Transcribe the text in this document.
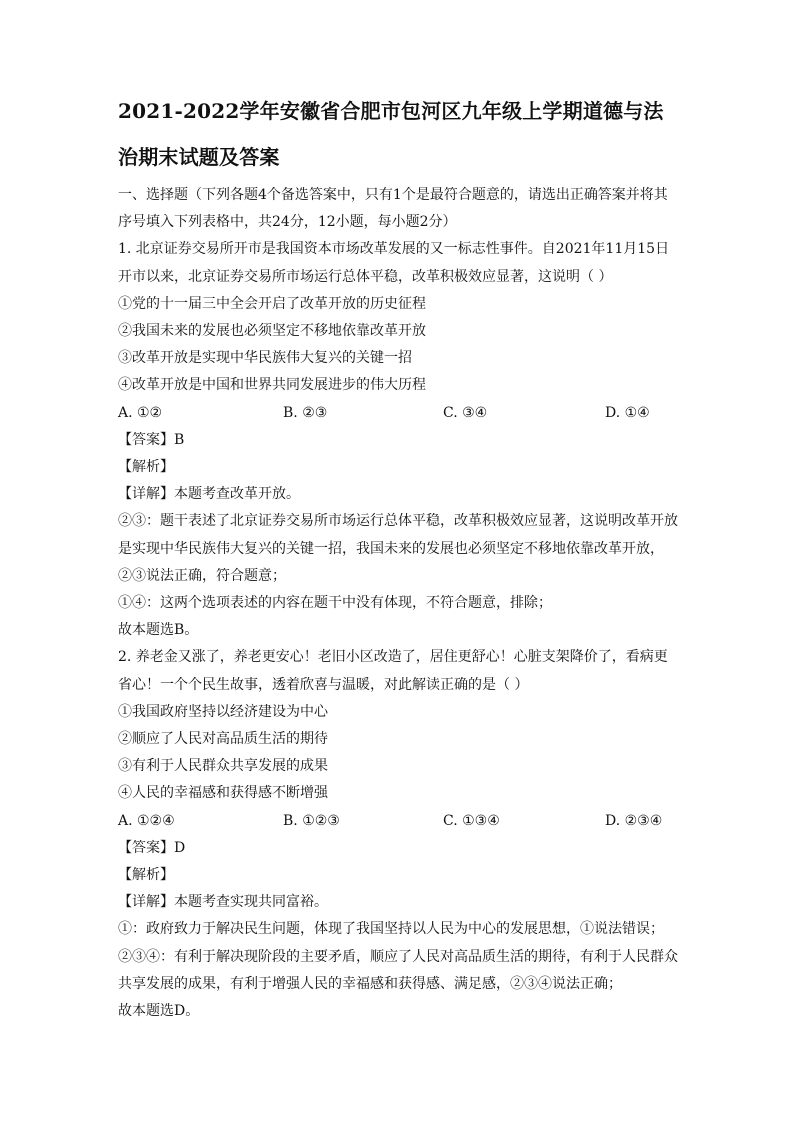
2021-2022学年安徽省合肥市包河区九年级上学期道德与法
治期末试题及答案

一、选择题（下列各题4个备选答案中，只有1个是最符合题意的，请选出正确答案并将其

序号填入下列表格中，共24分，12小题，每小题2分）

1. 北京证券交易所开市是我国资本市场改革发展的又一标志性事件。自2021年11月15日

开市以来，北京证券交易所市场运行总体平稳，改革积极效应显著，这说明（ ）

①党的十一届三中全会开启了改革开放的历史征程

②我国未来的发展也必须坚定不移地依靠改革开放

③改革开放是实现中华民族伟大复兴的关键一招

④改革开放是中国和世界共同发展进步的伟大历程

A. ①②	B. ②③	C. ③④	D. ①④

【答案】B

【解析】

【详解】本题考查改革开放。

②③：题干表述了北京证券交易所市场运行总体平稳，改革积极效应显著，这说明改革开放

是实现中华民族伟大复兴的关键一招，我国未来的发展也必须坚定不移地依靠改革开放，

②③说法正确，符合题意；

①④：这两个选项表述的内容在题干中没有体现，不符合题意，排除；

故本题选B。

2. 养老金又涨了，养老更安心！老旧小区改造了，居住更舒心！心脏支架降价了，看病更

省心！一个个民生故事，透着欣喜与温暖，对此解读正确的是（ ）

①我国政府坚持以经济建设为中心

②顺应了人民对高品质生活的期待

③有利于人民群众共享发展的成果

④人民的幸福感和获得感不断增强

A. ①②④	B. ①②③	C. ①③④	D. ②③④

【答案】D

【解析】

【详解】本题考查实现共同富裕。

①：政府致力于解决民生问题，体现了我国坚持以人民为中心的发展思想，①说法错误；

②③④：有利于解决现阶段的主要矛盾，顺应了人民对高品质生活的期待，有利于人民群众

共享发展的成果，有利于增强人民的幸福感和获得感、满足感，②③④说法正确；

故本题选D。
